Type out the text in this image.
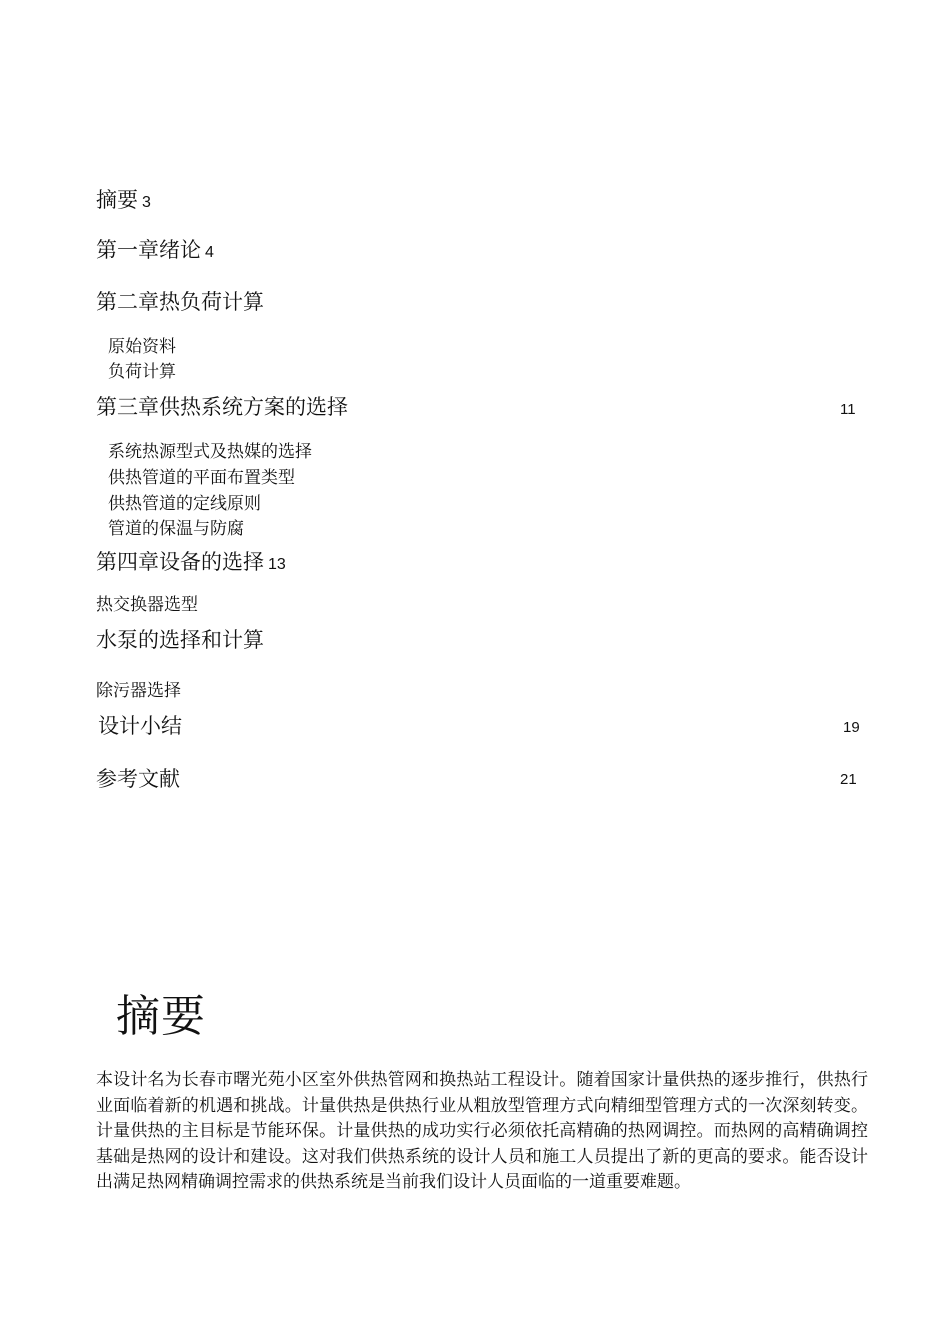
摘要 3
第一章绪论 4
第二章热负荷计算
原始资料
负荷计算
第三章供热系统方案的选择	11
系统热源型式及热媒的选择
供热管道的平面布置类型
供热管道的定线原则
管道的保温与防腐
第四章设备的选择 13
热交换器选型
水泵的选择和计算
除污器选择
设计小结	19
参考文献	21
摘要

本设计名为长春市曙光苑小区室外供热管网和换热站工程设计。随着国家计量供热的逐步推行，供热行业面临着新的机遇和挑战。计量供热是供热行业从粗放型管理方式向精细型管理方式的一次深刻转变。计量供热的主目标是节能环保。计量供热的成功实行必须依托高精确的热网调控。而热网的高精确调控基础是热网的设计和建设。这对我们供热系统的设计人员和施工人员提出了新的更高的要求。能否设计出满足热网精确调控需求的供热系统是当前我们设计人员面临的一道重要难题。
